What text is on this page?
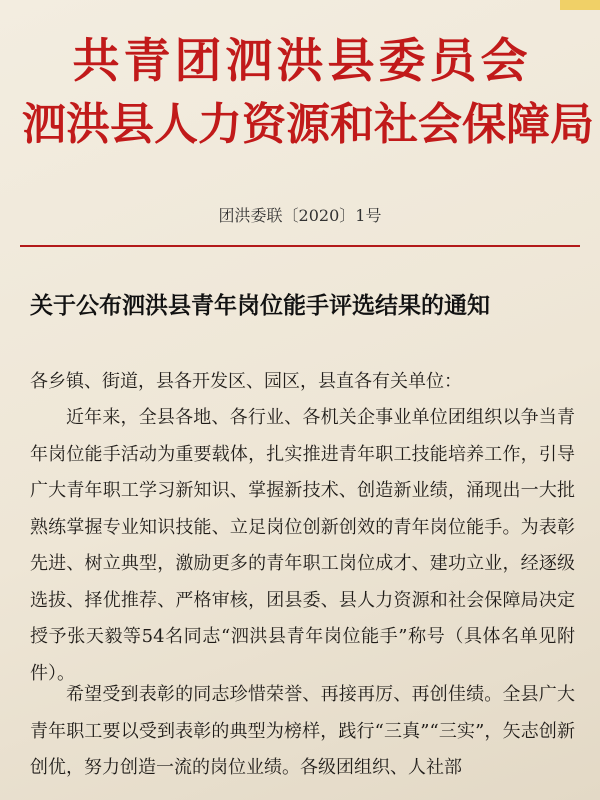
共青团泗洪县委员会
泗洪县人力资源和社会保障局
团洪委联〔2020〕1号
关于公布泗洪县青年岗位能手评选结果的通知
各乡镇、街道，县各开发区、园区，县直各有关单位：
近年来，全县各地、各行业、各机关企事业单位团组织以争当青年岗位能手活动为重要载体，扎实推进青年职工技能培养工作，引导广大青年职工学习新知识、掌握新技术、创造新业绩，涌现出一大批熟练掌握专业知识技能、立足岗位创新创效的青年岗位能手。为表彰先进、树立典型，激励更多的青年职工岗位成才、建功立业，经逐级选拔、择优推荐、严格审核，团县委、县人力资源和社会保障局决定授予张天毅等54名同志“泗洪县青年岗位能手”称号（具体名单见附件）。
希望受到表彰的同志珍惜荣誉、再接再厉、再创佳绩。全县广大青年职工要以受到表彰的典型为榜样，践行“三真”“三实”，矢志创新创优，努力创造一流的岗位业绩。各级团组织、人社部
